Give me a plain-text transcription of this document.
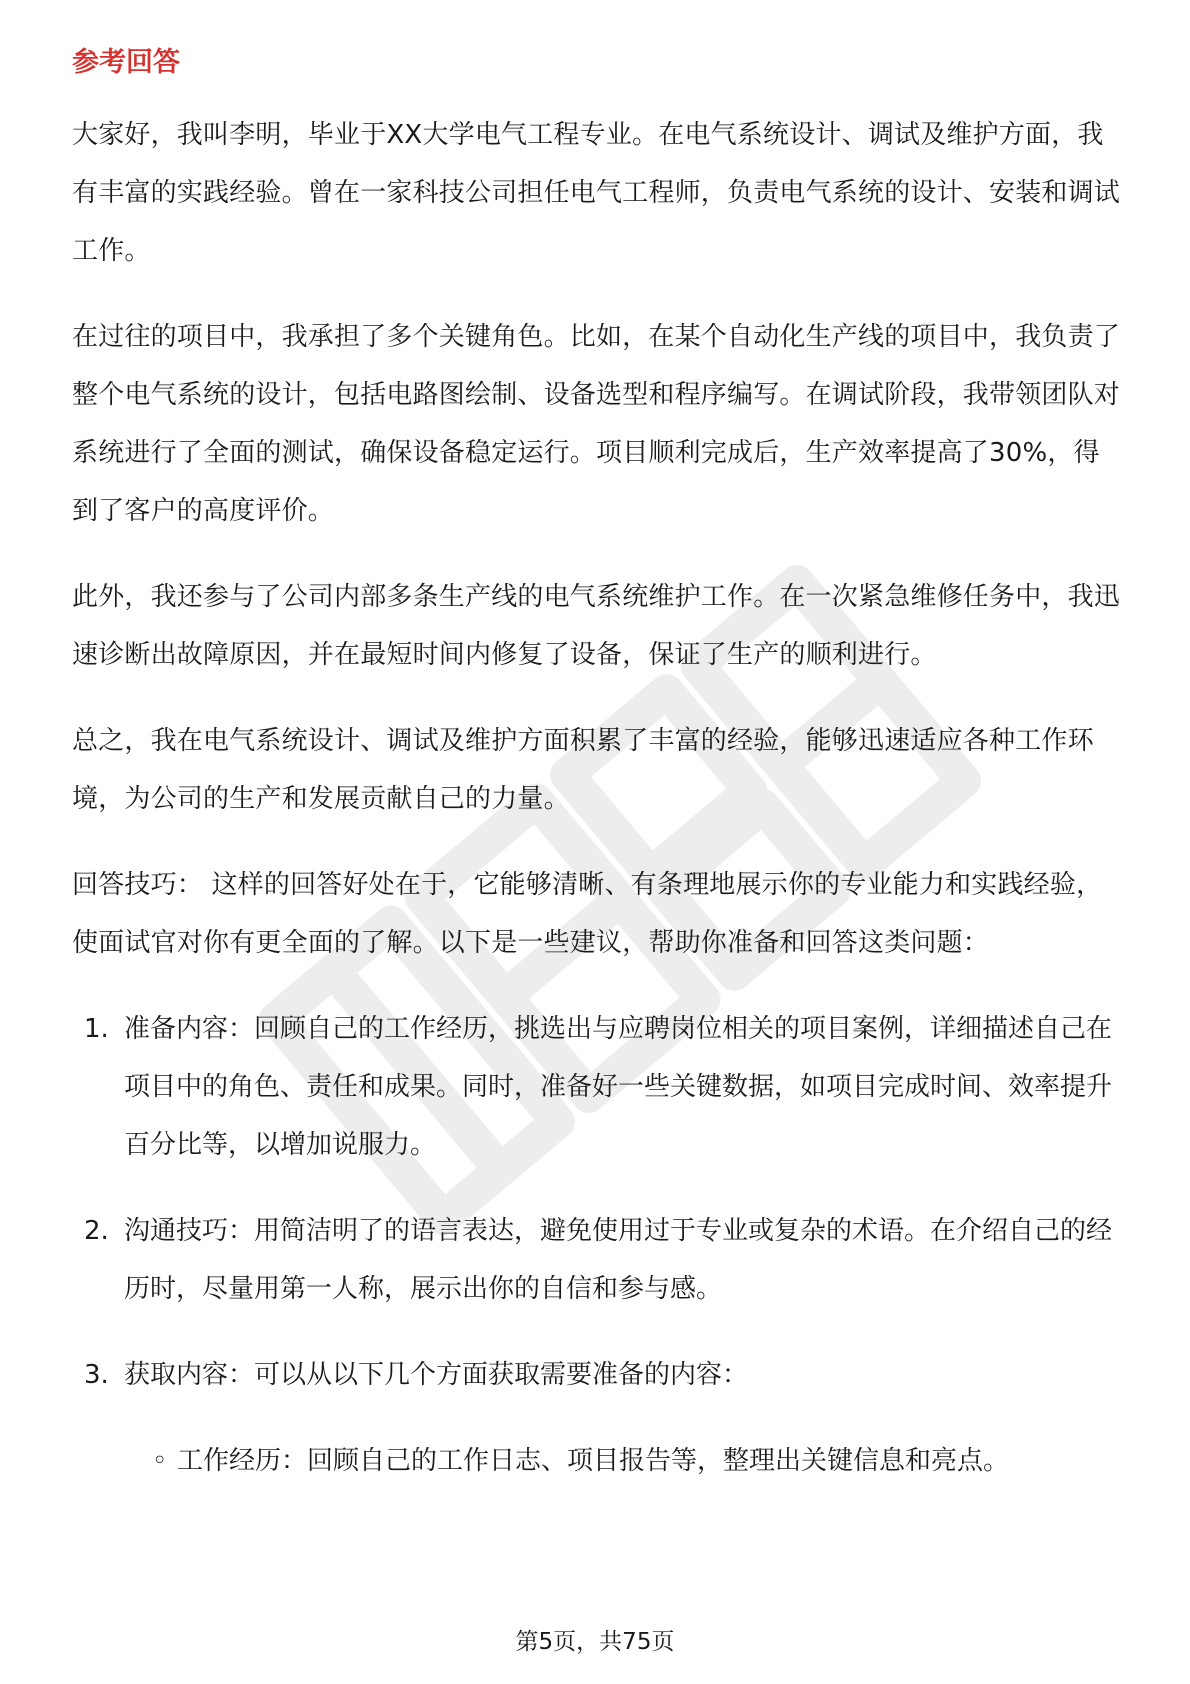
参考回答

大家好，我叫李明，毕业于XX大学电气工程专业。在电气系统设计、调试及维护方面，我有丰富的实践经验。曾在一家科技公司担任电气工程师，负责电气系统的设计、安装和调试工作。

在过往的项目中，我承担了多个关键角色。比如，在某个自动化生产线的项目中，我负责了整个电气系统的设计，包括电路图绘制、设备选型和程序编写。在调试阶段，我带领团队对系统进行了全面的测试，确保设备稳定运行。项目顺利完成后，生产效率提高了30%，得到了客户的高度评价。

此外，我还参与了公司内部多条生产线的电气系统维护工作。在一次紧急维修任务中，我迅速诊断出故障原因，并在最短时间内修复了设备，保证了生产的顺利进行。

总之，我在电气系统设计、调试及维护方面积累了丰富的经验，能够迅速适应各种工作环境，为公司的生产和发展贡献自己的力量。

回答技巧： 这样的回答好处在于，它能够清晰、有条理地展示你的专业能力和实践经验，使面试官对你有更全面的了解。以下是一些建议，帮助你准备和回答这类问题：

1. 准备内容：回顾自己的工作经历，挑选出与应聘岗位相关的项目案例，详细描述自己在项目中的角色、责任和成果。同时，准备好一些关键数据，如项目完成时间、效率提升百分比等，以增加说服力。
2. 沟通技巧：用简洁明了的语言表达，避免使用过于专业或复杂的术语。在介绍自己的经历时，尽量用第一人称，展示出你的自信和参与感。
3. 获取内容：可以从以下几个方面获取需要准备的内容：
◦ 工作经历：回顾自己的工作日志、项目报告等，整理出关键信息和亮点。
第5页，共75页
